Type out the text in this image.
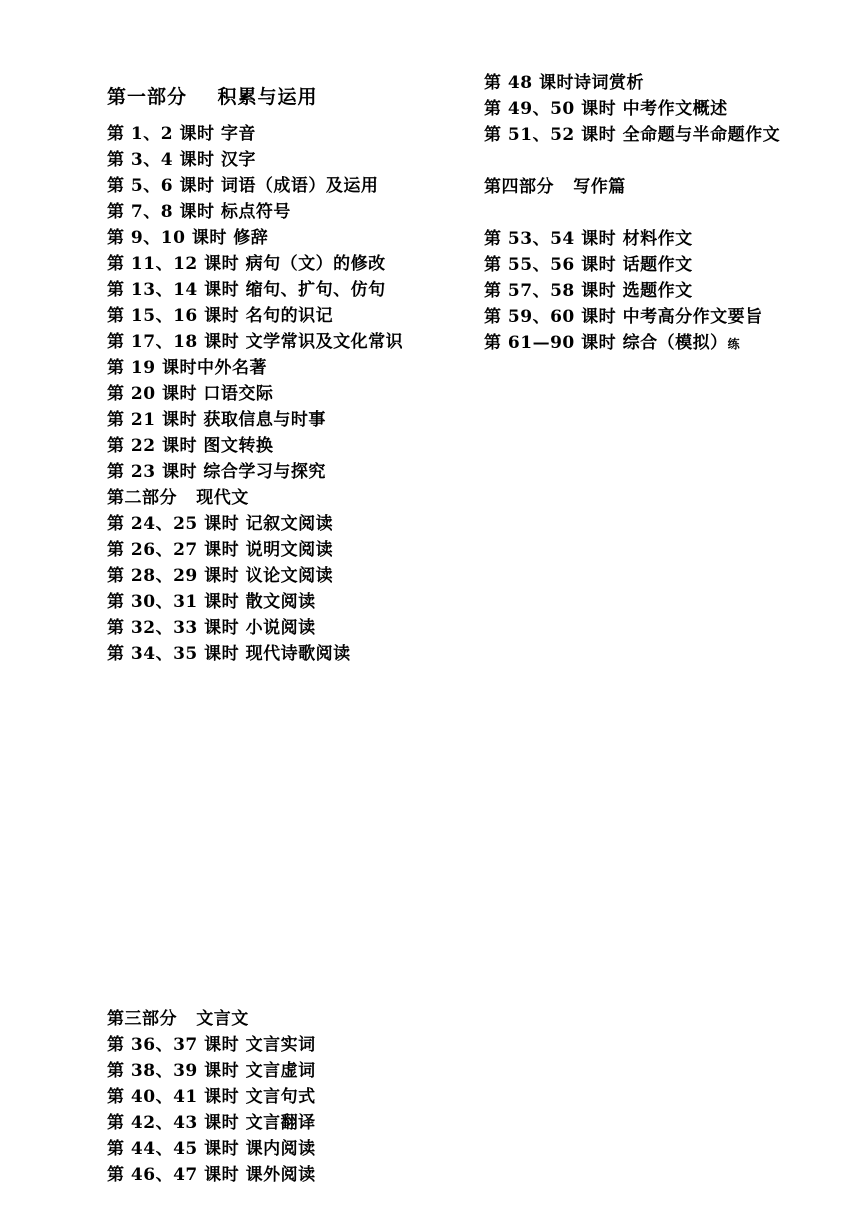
第一部分    积累与运用
第 1、2 课时 字音
第 3、4 课时 汉字
第 5、6 课时 词语（成语）及运用
第 7、8 课时 标点符号
第 9、10 课时 修辞
第 11、12 课时 病句（文）的修改
第 13、14 课时 缩句、扩句、仿句
第 15、16 课时 名句的识记
第 17、18 课时 文学常识及文化常识
第 19 课时中外名著
第 20 课时 口语交际
第 21 课时 获取信息与时事
第 22 课时 图文转换
第 23 课时 综合学习与探究
第二部分   现代文
第 24、25 课时 记叙文阅读
第 26、27 课时 说明文阅读
第 28、29 课时 议论文阅读
第 30、31 课时 散文阅读
第 32、33 课时 小说阅读
第 34、35 课时 现代诗歌阅读
第三部分   文言文
第 36、37 课时 文言实词
第 38、39 课时 文言虚词
第 40、41 课时 文言句式
第 42、43 课时 文言翻译
第 44、45 课时 课内阅读
第 46、47 课时 课外阅读
第 48 课时诗词赏析
第 49、50 课时 中考作文概述
第 51、52 课时 全命题与半命题作文
第四部分   写作篇
第 53、54 课时 材料作文
第 55、56 课时 话题作文
第 57、58 课时 选题作文
第 59、60 课时 中考高分作文要旨
第 61—90 课时 综合（模拟）练
